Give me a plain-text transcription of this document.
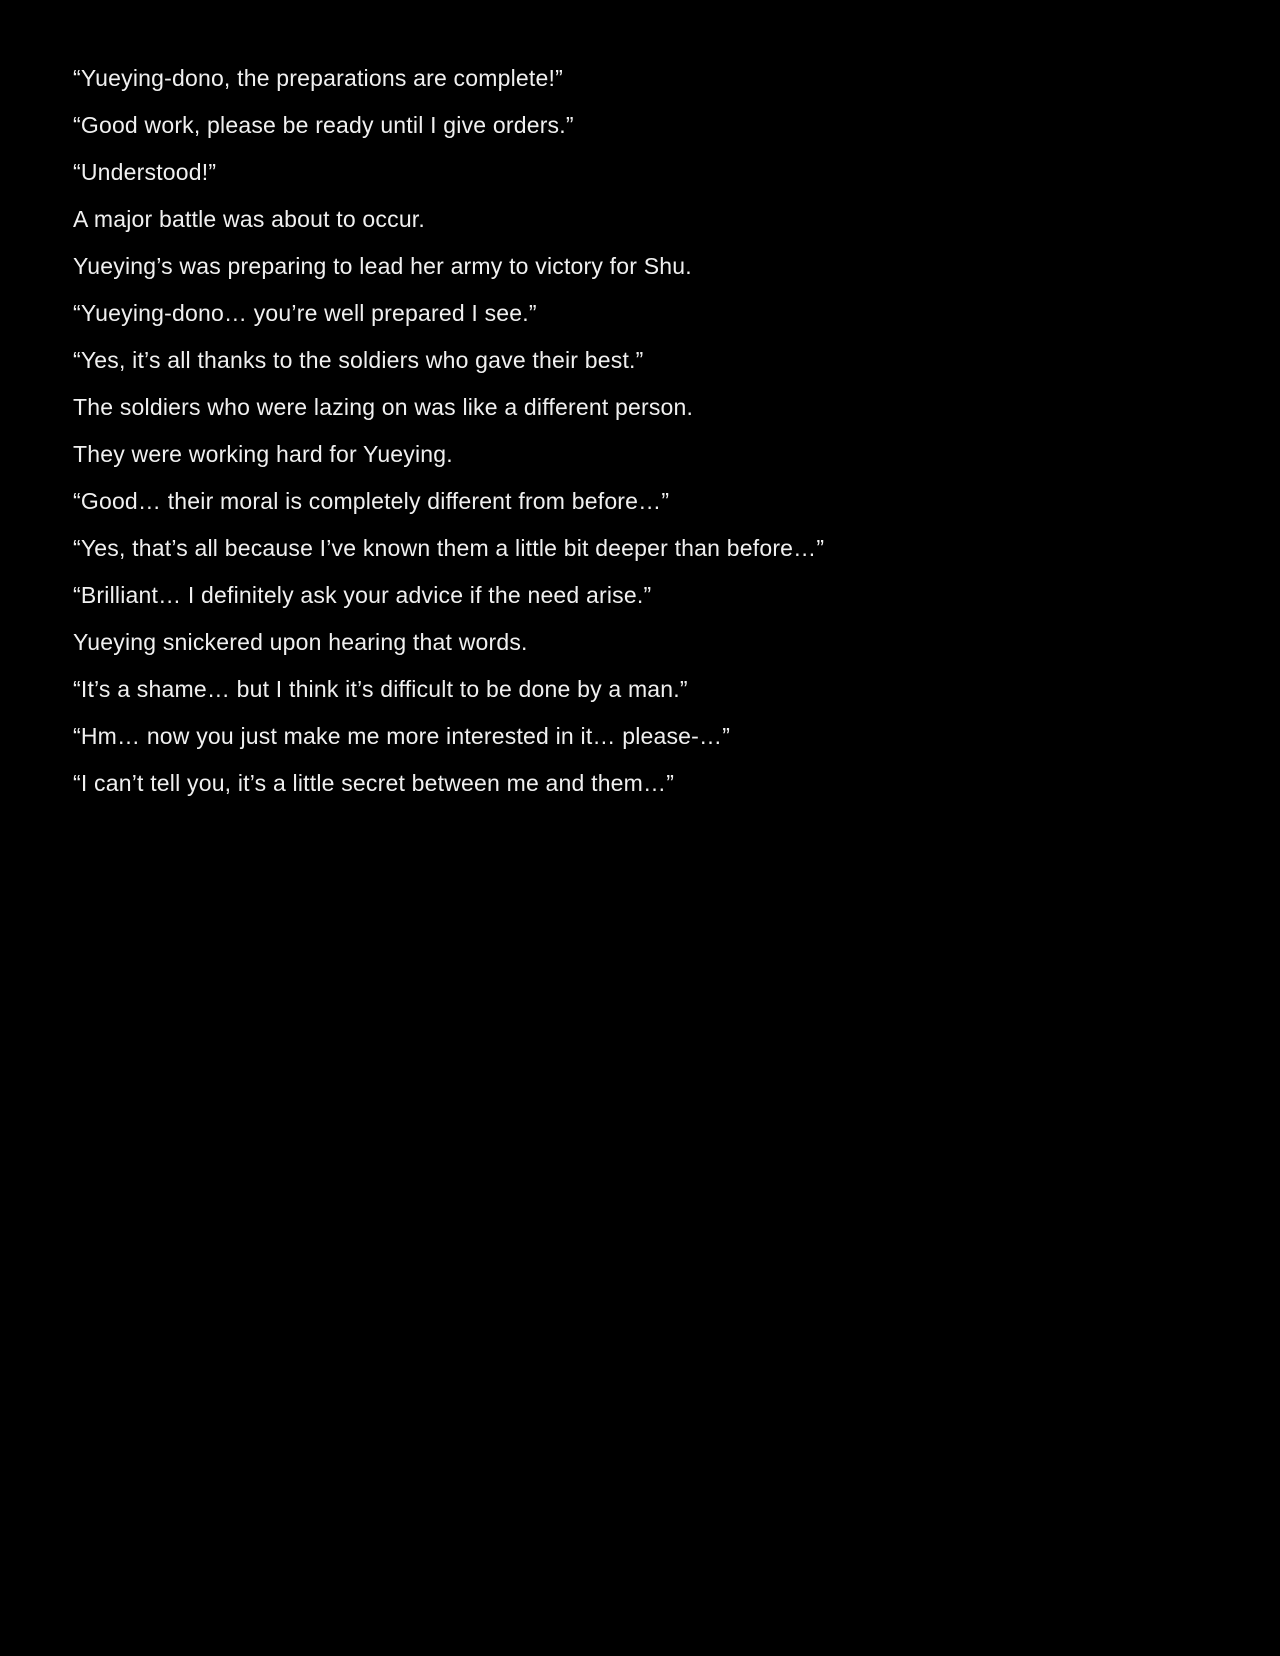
“Yueying-dono, the preparations are complete!”

“Good work, please be ready until I give orders.”

“Understood!”

A major battle was about to occur.

Yueying’s was preparing to lead her army to victory for Shu.

“Yueying-dono… you’re well prepared I see.”

“Yes, it’s all thanks to the soldiers who gave their best.”

The soldiers who were lazing on was like a different person.

They were working hard for Yueying.

“Good… their moral is completely different from before…”

“Yes, that’s all because I’ve known them a little bit deeper than before…”

“Brilliant… I definitely ask your advice if the need arise.”

Yueying snickered upon hearing that words.

“It’s a shame… but I think it’s difficult to be done by a man.”

“Hm… now you just make me more interested in it… please-…”

“I can’t tell you, it’s a little secret between me and them…”
